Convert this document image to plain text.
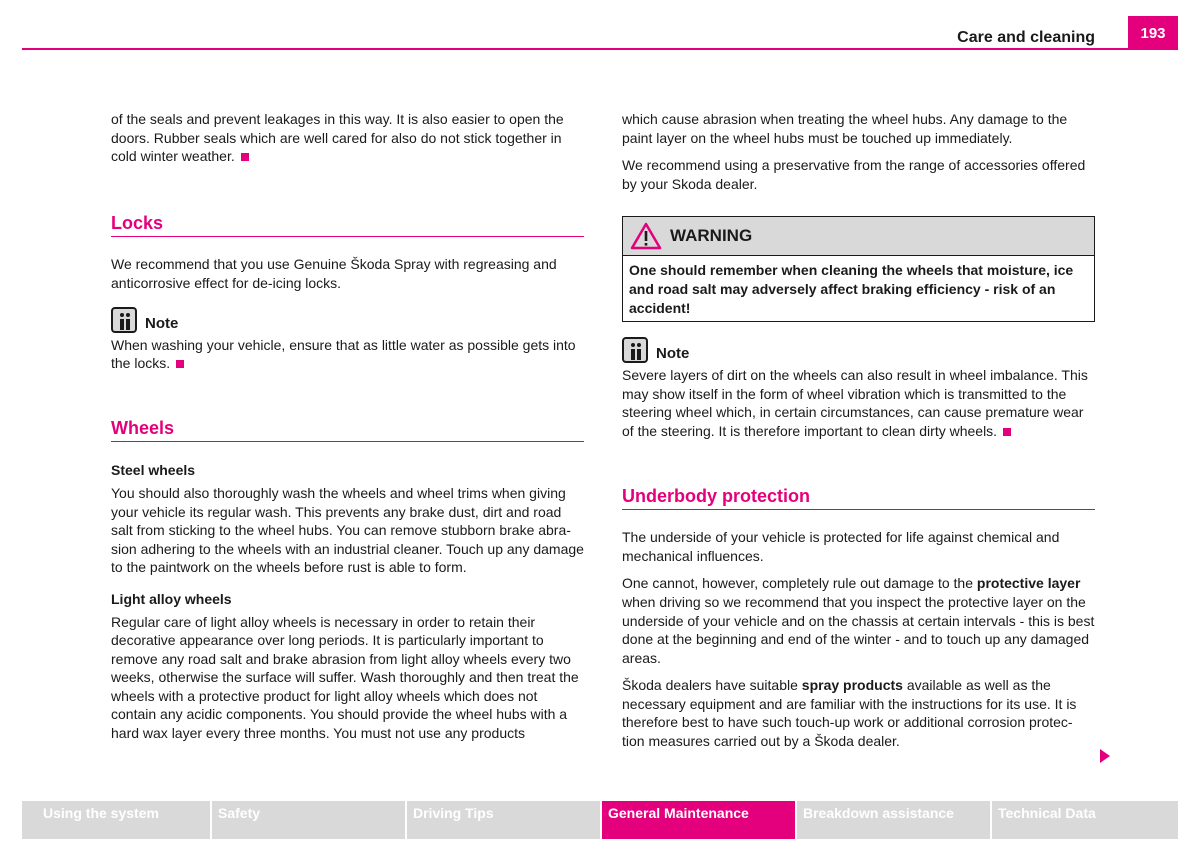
Care and cleaning	193

of the seals and prevent leakages in this way. It is also easier to open the doors. Rubber seals which are well cared for also do not stick together in cold winter weather.

Locks

We recommend that you use Genuine Škoda Spray with regreasing and anticorrosive effect for de-icing locks.

Note

When washing your vehicle, ensure that as little water as possible gets into the locks.

Wheels
Steel wheels

You should also thoroughly wash the wheels and wheel trims when giving your vehicle its regular wash. This prevents any brake dust, dirt and road salt from sticking to the wheel hubs. You can remove stubborn brake abra-sion adhering to the wheels with an industrial cleaner. Touch up any damage to the paintwork on the wheels before rust is able to form.

Light alloy wheels

Regular care of light alloy wheels is necessary in order to retain their decorative appearance over long periods. It is particularly important to remove any road salt and brake abrasion from light alloy wheels every two weeks, otherwise the surface will suffer. Wash thoroughly and then treat the wheels with a protective product for light alloy wheels which does not contain any acidic components. You should provide the wheel hubs with a hard wax layer every three months. You must not use any products

which cause abrasion when treating the wheel hubs. Any damage to the paint layer on the wheel hubs must be touched up immediately.

We recommend using a preservative from the range of accessories offered by your Skoda dealer.

WARNING
One should remember when cleaning the wheels that moisture, ice and road salt may adversely affect braking efficiency - risk of an accident!
Note

Severe layers of dirt on the wheels can also result in wheel imbalance. This may show itself in the form of wheel vibration which is transmitted to the steering wheel which, in certain circumstances, can cause premature wear of the steering. It is therefore important to clean dirty wheels.

Underbody protection

The underside of your vehicle is protected for life against chemical and mechanical influences.

One cannot, however, completely rule out damage to the protective layer when driving so we recommend that you inspect the protective layer on the underside of your vehicle and on the chassis at certain intervals - this is best done at the beginning and end of the winter - and to touch up any damaged areas.

Škoda dealers have suitable spray products available as well as the necessary equipment and are familiar with the instructions for its use. It is therefore best to have such touch-up work or additional corrosion protec-tion measures carried out by a Škoda dealer.

Using the system	Safety	Driving Tips	General Maintenance	Breakdown assistance	Technical Data
